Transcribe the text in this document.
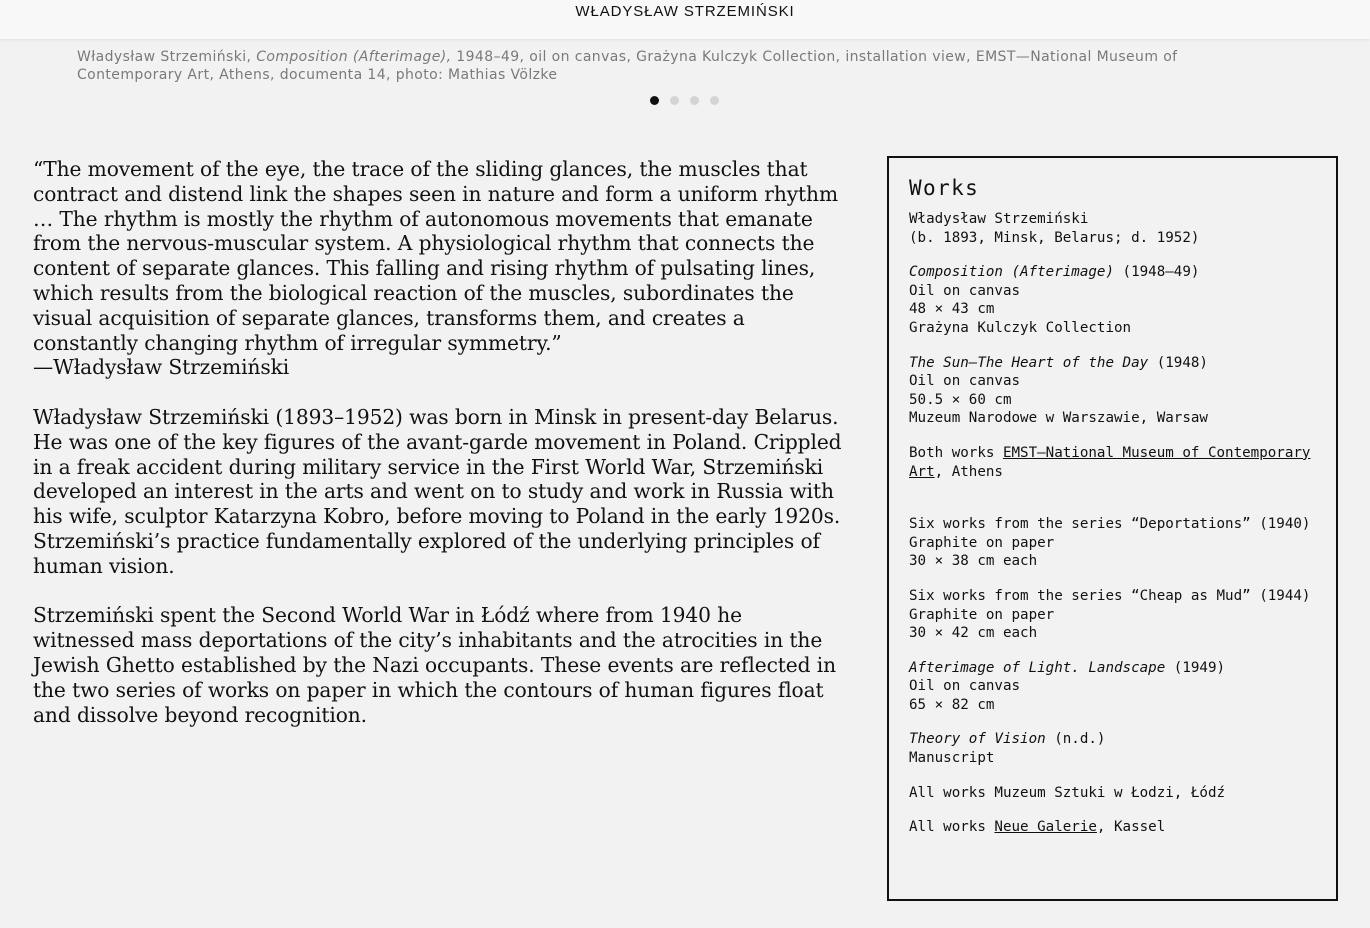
WŁADYSŁAW STRZEMIŃSKI
Władysław Strzemiński, Composition (Afterimage), 1948–49, oil on canvas, Grażyna Kulczyk Collection, installation view, EMST—National Museum of Contemporary Art, Athens, documenta 14, photo: Mathias Völzke

“The movement of the eye, the trace of the sliding glances, the muscles that contract and distend link the shapes seen in nature and form a uniform rhythm … The rhythm is mostly the rhythm of autonomous movements that emanate from the nervous-muscular system. A physiological rhythm that connects the content of separate glances. This falling and rising rhythm of pulsating lines, which results from the biological reaction of the muscles, subordinates the visual acquisition of separate glances, transforms them, and creates a constantly changing rhythm of irregular symmetry.”
—Władysław Strzemiński

Władysław Strzemiński (1893–1952) was born in Minsk in present-day Belarus. He was one of the key figures of the avant-garde movement in Poland. Crippled in a freak accident during military service in the First World War, Strzemiński developed an interest in the arts and went on to study and work in Russia with his wife, sculptor Katarzyna Kobro, before moving to Poland in the early 1920s. Strzemiński’s practice fundamentally explored of the underlying principles of human vision.

Strzemiński spent the Second World War in Łódź where from 1940 he witnessed mass deportations of the city’s inhabitants and the atrocities in the Jewish Ghetto established by the Nazi occupants. These events are reflected in the two series of works on paper in which the contours of human figures float and dissolve beyond recognition.

Works
Władysław Strzemiński
(b. 1893, Minsk, Belarus; d. 1952)
Composition (Afterimage) (1948–49)
Oil on canvas
48 × 43 cm
Grażyna Kulczyk Collection
The Sun—The Heart of the Day (1948)
Oil on canvas
50.5 × 60 cm
Muzeum Narodowe w Warszawie, Warsaw
Both works EMST—National Museum of Contemporary Art, Athens
Six works from the series “Deportations” (1940)
Graphite on paper
30 × 38 cm each
Six works from the series “Cheap as Mud” (1944)
Graphite on paper
30 × 42 cm each
Afterimage of Light. Landscape (1949)
Oil on canvas
65 × 82 cm
Theory of Vision (n.d.)
Manuscript
All works Muzeum Sztuki w Łodzi, Łódź
All works Neue Galerie, Kassel
